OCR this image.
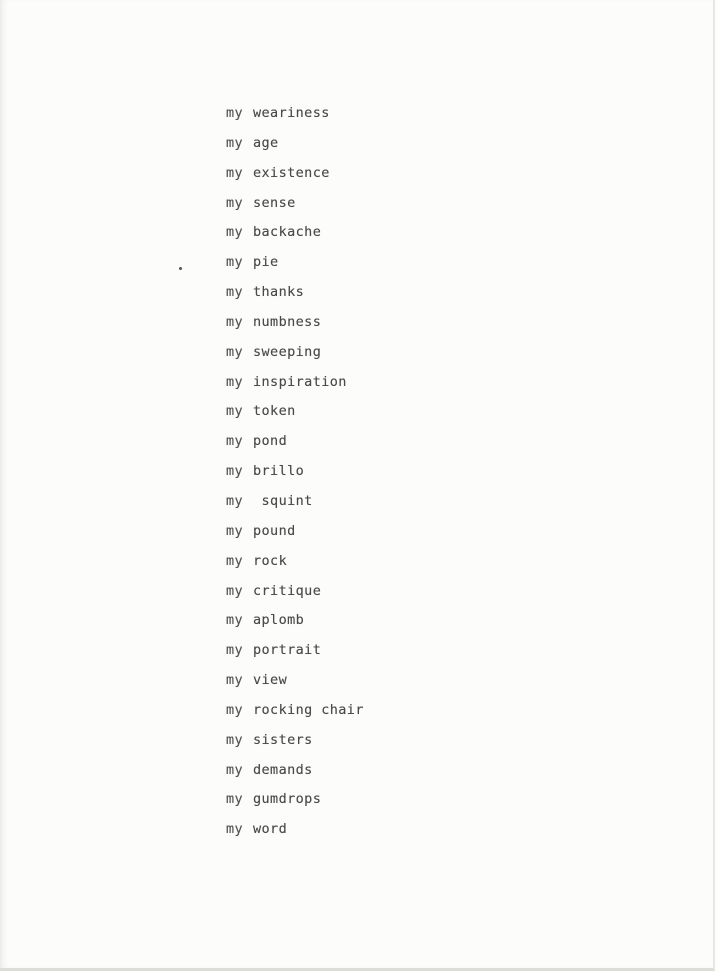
my weariness
my age
my existence
my sense
my backache
my pie
my thanks
my numbness
my sweeping
my inspiration
my token
my pond
my brillo
my squint
my pound
my rock
my critique
my aplomb
my portrait
my view
my rocking chair
my sisters
my demands
my gumdrops
my word
